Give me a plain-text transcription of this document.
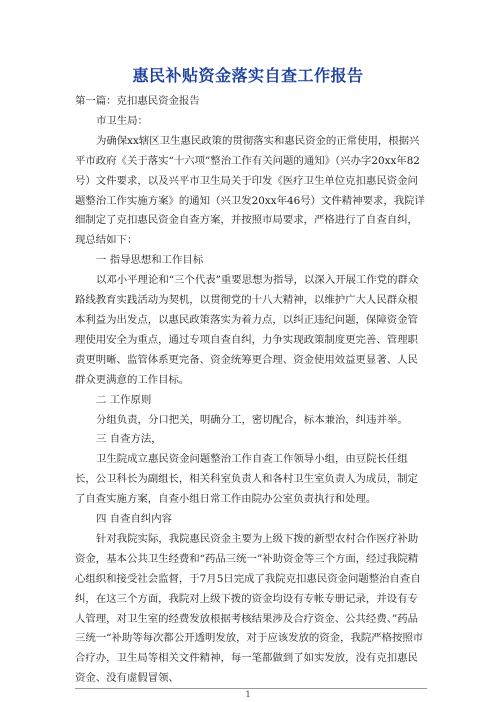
惠民补贴资金落实自查工作报告

第一篇：克扣惠民资金报告

市卫生局：

为确保xx辖区卫生惠民政策的贯彻落实和惠民资金的正常使用，根据兴平市政府《关于落实“十六项”整治工作有关问题的通知》（兴办字20xx年82号）文件要求，以及兴平市卫生局关于印发《医疗卫生单位克扣惠民资金问题整治工作实施方案》的通知（兴卫发20xx年46号）文件精神要求，我院详细制定了克扣惠民资金自查方案，并按照市局要求，严格进行了自查自纠，现总结如下：

一 指导思想和工作目标

以邓小平理论和“三个代表”重要思想为指导，以深入开展工作党的群众路线教育实践活动为契机，以贯彻党的十八大精神，以维护广大人民群众根本利益为出发点，以惠民政策落实为着力点，以纠正违纪问题，保障资金管理使用安全为重点，通过专项自查自纠，力争实现政策制度更完善、管理职责更明晰、监管体系更完备、资金统筹更合理、资金使用效益更显著、人民群众更满意的工作目标。

二 工作原则

分组负责，分口把关，明确分工，密切配合，标本兼治，纠违并举。

三 自查方法，

卫生院成立惠民资金问题整治工作自查工作领导小组，由豆院长任组长，公卫科长为副组长，相关科室负责人和各村卫生室负责人为成员，制定了自查实施方案，自查小组日常工作由院办公室负责执行和处理。

四 自查自纠内容

针对我院实际，我院惠民资金主要为上级下拨的新型农村合作医疗补助资金，基本公共卫生经费和“药品三统一”补助资金等三个方面，经过我院精心组织和接受社会监督，于7月5日完成了我院克扣惠民资金问题整治自查自纠，在这三个方面，我院对上级下拨的资金均设有专帐专册记录，并设有专人管理，对卫生室的经费发放根据考核结果涉及合疗资金、公共经费、”药品三统一“补助等每次都公开透明发放，对于应该发放的资金，我院严格按照市合疗办，卫生局等相关文件精神，每一笔都做到了如实发放，没有克扣惠民资金、没有虚假冒领、

1
